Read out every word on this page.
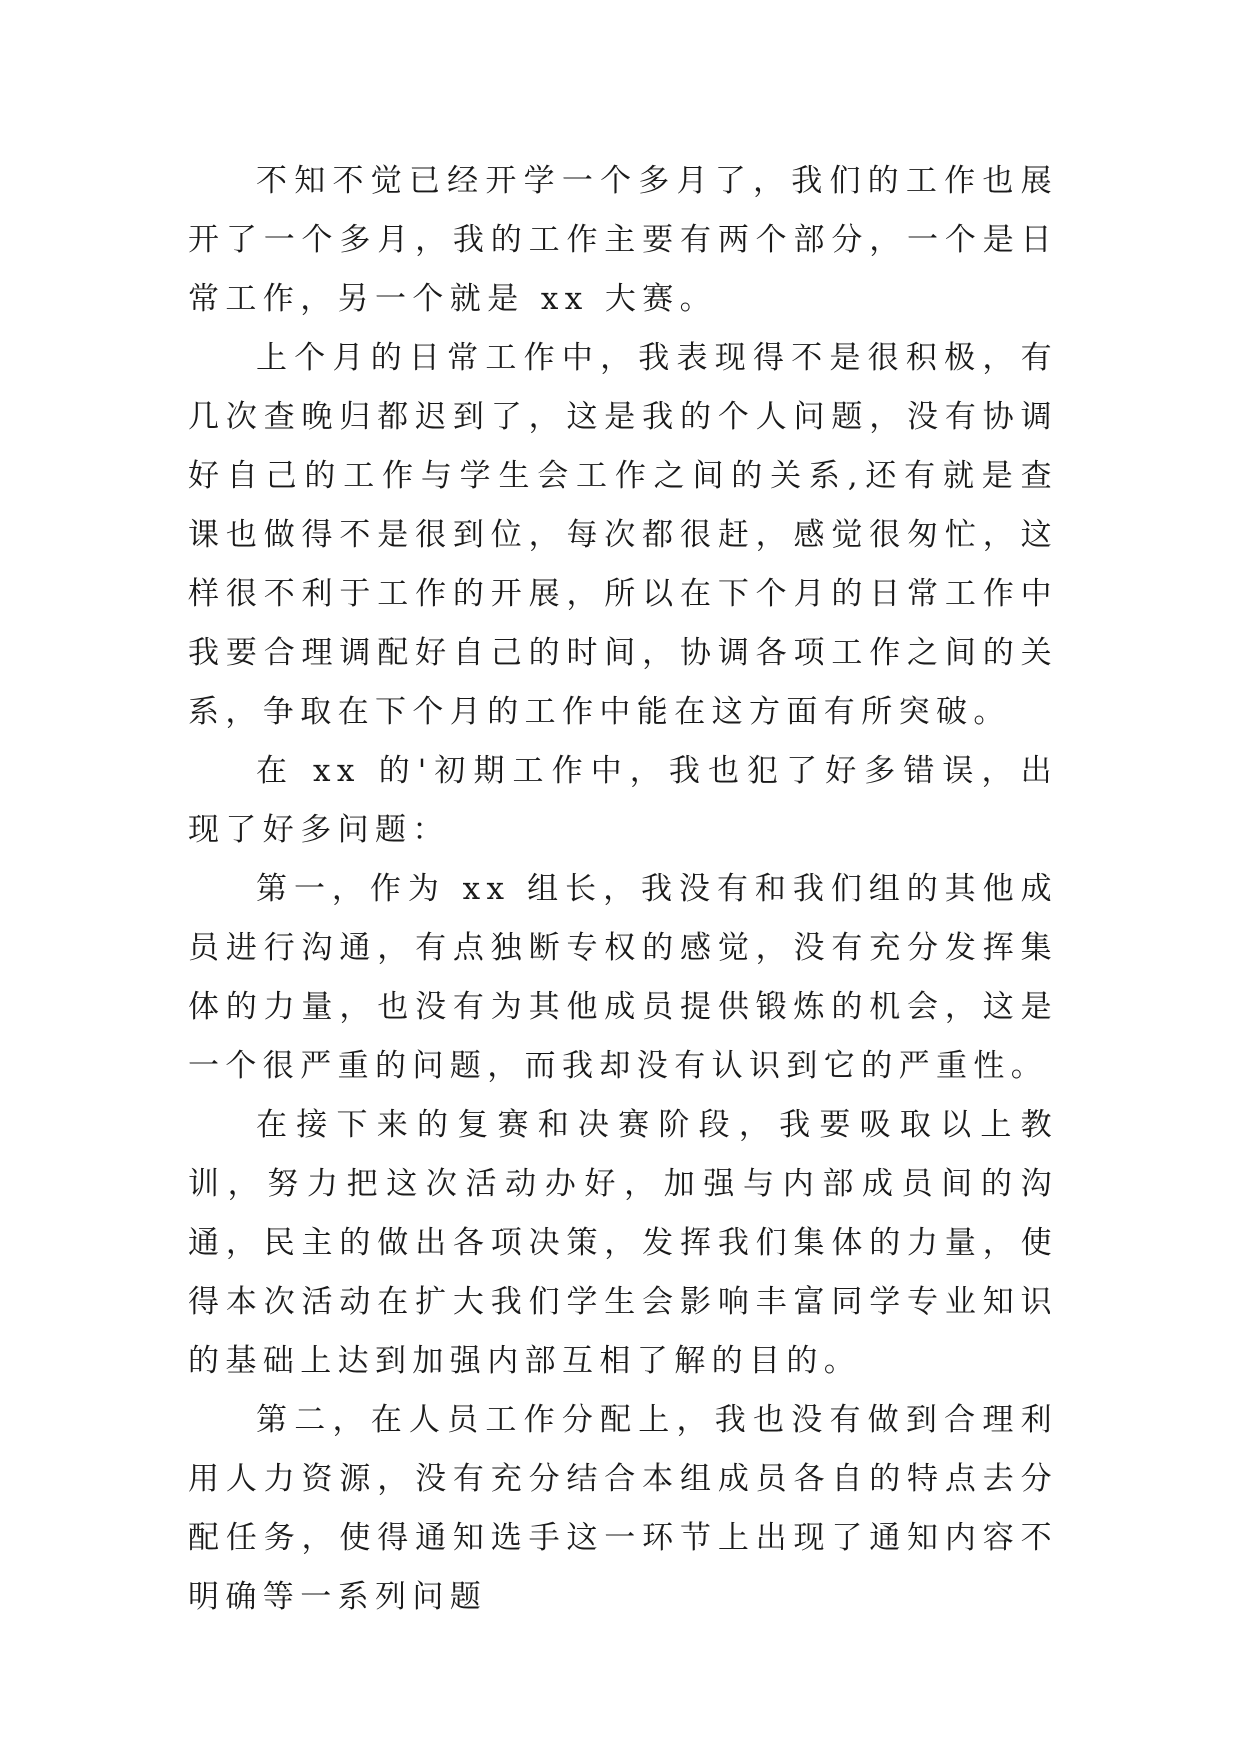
不知不觉已经开学一个多月了，我们的工作也展开了一个多月，我的工作主要有两个部分，一个是日常工作，另一个就是 xx 大赛。

上个月的日常工作中，我表现得不是很积极，有几次查晚归都迟到了，这是我的个人问题，没有协调好自己的工作与学生会工作之间的关系,还有就是查课也做得不是很到位，每次都很赶，感觉很匆忙，这样很不利于工作的开展，所以在下个月的日常工作中我要合理调配好自己的时间，协调各项工作之间的关系，争取在下个月的工作中能在这方面有所突破。

在 xx 的'初期工作中，我也犯了好多错误，出现了好多问题：

第一，作为 xx 组长，我没有和我们组的其他成员进行沟通，有点独断专权的感觉，没有充分发挥集体的力量，也没有为其他成员提供锻炼的机会，这是一个很严重的问题，而我却没有认识到它的严重性。

在接下来的复赛和决赛阶段，我要吸取以上教训，努力把这次活动办好，加强与内部成员间的沟通，民主的做出各项决策，发挥我们集体的力量，使得本次活动在扩大我们学生会影响丰富同学专业知识的基础上达到加强内部互相了解的目的。

第二，在人员工作分配上，我也没有做到合理利用人力资源，没有充分结合本组成员各自的特点去分配任务，使得通知选手这一环节上出现了通知内容不明确等一系列问题
